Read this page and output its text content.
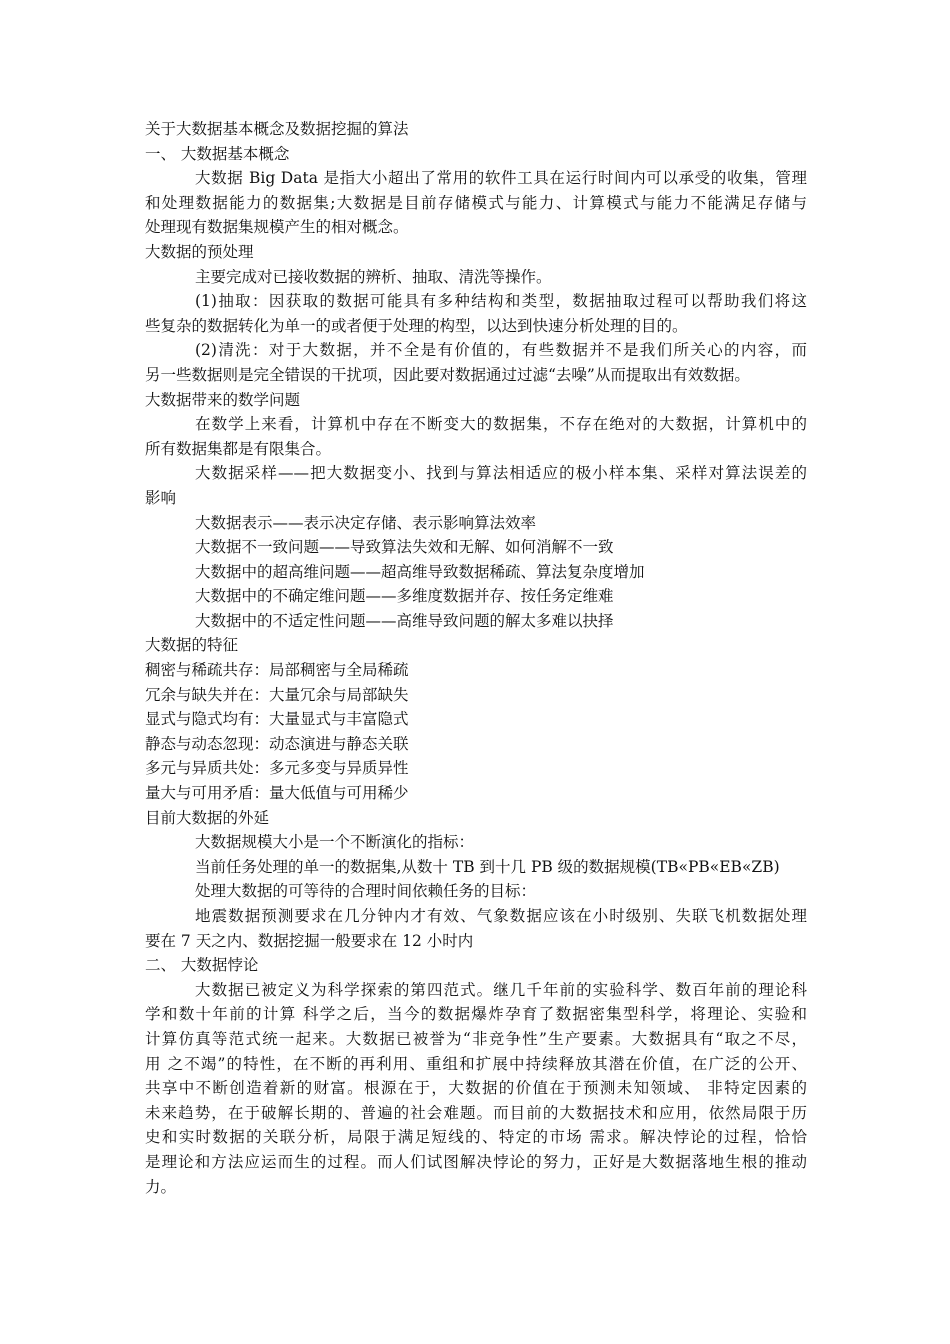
关于大数据基本概念及数据挖掘的算法
一、 大数据基本概念
大数据 Big Data 是指大小超出了常用的软件工具在运行时间内可以承受的收集，管理
和处理数据能力的数据集;大数据是目前存储模式与能力、计算模式与能力不能满足存储与
处理现有数据集规模产生的相对概念。
大数据的预处理
主要完成对已接收数据的辨析、抽取、清洗等操作。
(1)抽取：因获取的数据可能具有多种结构和类型，数据抽取过程可以帮助我们将这
些复杂的数据转化为单一的或者便于处理的构型，以达到快速分析处理的目的。
(2)清洗：对于大数据，并不全是有价值的，有些数据并不是我们所关心的内容，而
另一些数据则是完全错误的干扰项，因此要对数据通过过滤“去噪”从而提取出有效数据。
大数据带来的数学问题
在数学上来看，计算机中存在不断变大的数据集，不存在绝对的大数据，计算机中的
所有数据集都是有限集合。
大数据采样——把大数据变小、找到与算法相适应的极小样本集、采样对算法误差的
影响
大数据表示——表示决定存储、表示影响算法效率
大数据不一致问题——导致算法失效和无解、如何消解不一致
大数据中的超高维问题——超高维导致数据稀疏、算法复杂度增加
大数据中的不确定维问题——多维度数据并存、按任务定维难
大数据中的不适定性问题——高维导致问题的解太多难以抉择
大数据的特征
稠密与稀疏共存：局部稠密与全局稀疏
冗余与缺失并在：大量冗余与局部缺失
显式与隐式均有：大量显式与丰富隐式
静态与动态忽现：动态演进与静态关联
多元与异质共处：多元多变与异质异性
量大与可用矛盾：量大低值与可用稀少
目前大数据的外延
大数据规模大小是一个不断演化的指标：
当前任务处理的单一的数据集,从数十 TB 到十几 PB 级的数据规模(TB«PB«EB«ZB)
处理大数据的可等待的合理时间依赖任务的目标：
地震数据预测要求在几分钟内才有效、气象数据应该在小时级别、失联飞机数据处理
要在 7 天之内、数据挖掘一般要求在 12 小时内
二、 大数据悖论
大数据已被定义为科学探索的第四范式。继几千年前的实验科学、数百年前的理论科
学和数十年前的计算 科学之后，当今的数据爆炸孕育了数据密集型科学，将理论、实验和
计算仿真等范式统一起来。大数据已被誉为“非竞争性”生产要素。大数据具有“取之不尽，
用 之不竭”的特性，在不断的再利用、重组和扩展中持续释放其潜在价值，在广泛的公开、
共享中不断创造着新的财富。根源在于，大数据的价值在于预测未知领域、 非特定因素的
未来趋势，在于破解长期的、普遍的社会难题。而目前的大数据技术和应用，依然局限于历
史和实时数据的关联分析，局限于满足短线的、特定的市场 需求。解决悖论的过程，恰恰
是理论和方法应运而生的过程。而人们试图解决悖论的努力，正好是大数据落地生根的推动
力。
